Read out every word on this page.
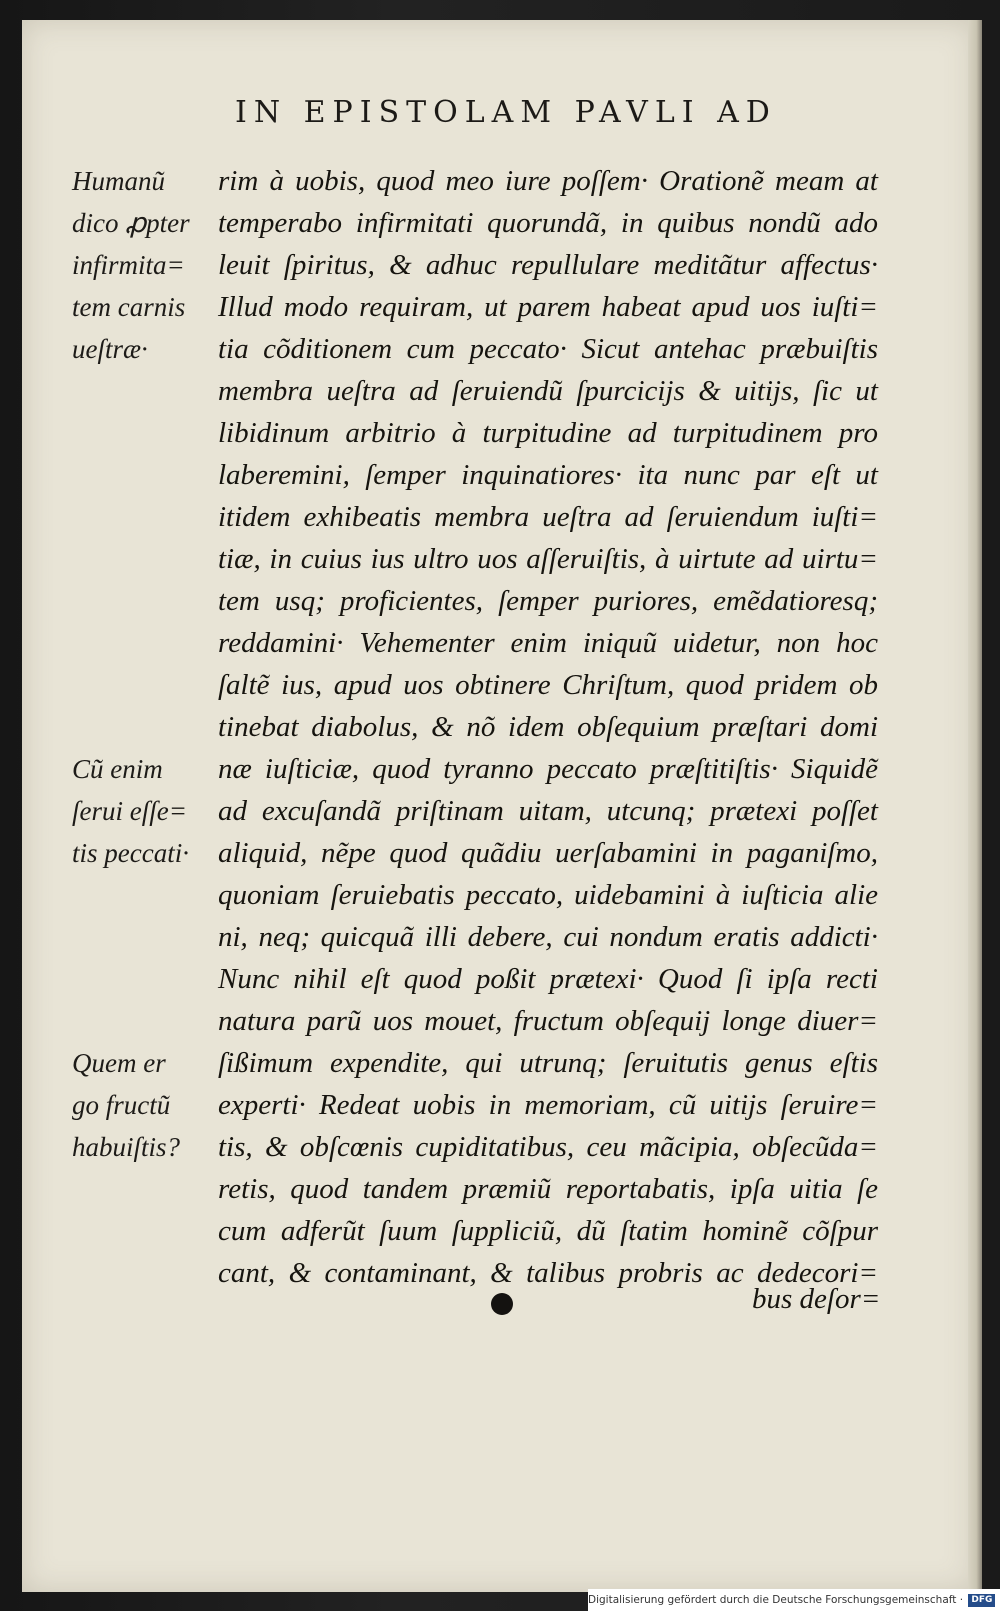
IN EPISTOLAM PAVLI AD
Humanũ
dico ꝓpter
infirmita=
tem carnis
ueſtræ·
Cũ enim
ſerui eſſe=
tis peccati·
Quem er
go fructũ
habuiſtis?
rim à uobis, quod meo iure poſſem· Orationẽ meam at
temperabo infirmitati quorundã, in quibus nondũ ado
leuit ſpiritus, & adhuc repullulare meditãtur affectus·
Illud modo requiram, ut parem habeat apud uos iuſti=
tia cõditionem cum peccato· Sicut antehac præbuiſtis
membra ueſtra ad ſeruiendũ ſpurcicijs & uitijs, ſic ut
libidinum arbitrio à turpitudine ad turpitudinem pro
laberemini, ſemper inquinatiores· ita nunc par eſt ut
itidem exhibeatis membra ueſtra ad ſeruiendum iuſti=
tiæ, in cuius ius ultro uos aſſeruiſtis, à uirtute ad uirtu=
tem usq; proficientes, ſemper puriores, emẽdatioresq;
reddamini· Vehementer enim iniquũ uidetur, non hoc
ſaltẽ ius, apud uos obtinere Chriſtum, quod pridem ob
tinebat diabolus, & nõ idem obſequium præſtari domi
næ iuſticiæ, quod tyranno peccato præſtitiſtis· Siquidẽ
ad excuſandã priſtinam uitam, utcunq; prætexi poſſet
aliquid, nẽpe quod quãdiu uerſabamini in paganiſmo,
quoniam ſeruiebatis peccato, uidebamini à iuſticia alie
ni, neq; quicquã illi debere, cui nondum eratis addicti·
Nunc nihil eſt quod poßit prætexi· Quod ſi ipſa recti
natura parũ uos mouet, fructum obſequij longe diuer=
ſißimum expendite, qui utrunq; ſeruitutis genus eſtis
experti· Redeat uobis in memoriam, cũ uitijs ſeruire=
tis, & obſcœnis cupiditatibus, ceu mãcipia, obſecũda=
retis, quod tandem præmiũ reportabatis, ipſa uitia ſe
cum adferũt ſuum ſuppliciũ, dũ ſtatim hominẽ cõſpur
cant, & contaminant, & talibus probris ac dedecori=
bus deſor=
Digitalisierung gefördert durch die Deutsche Forschungsgemeinschaft · DFG
